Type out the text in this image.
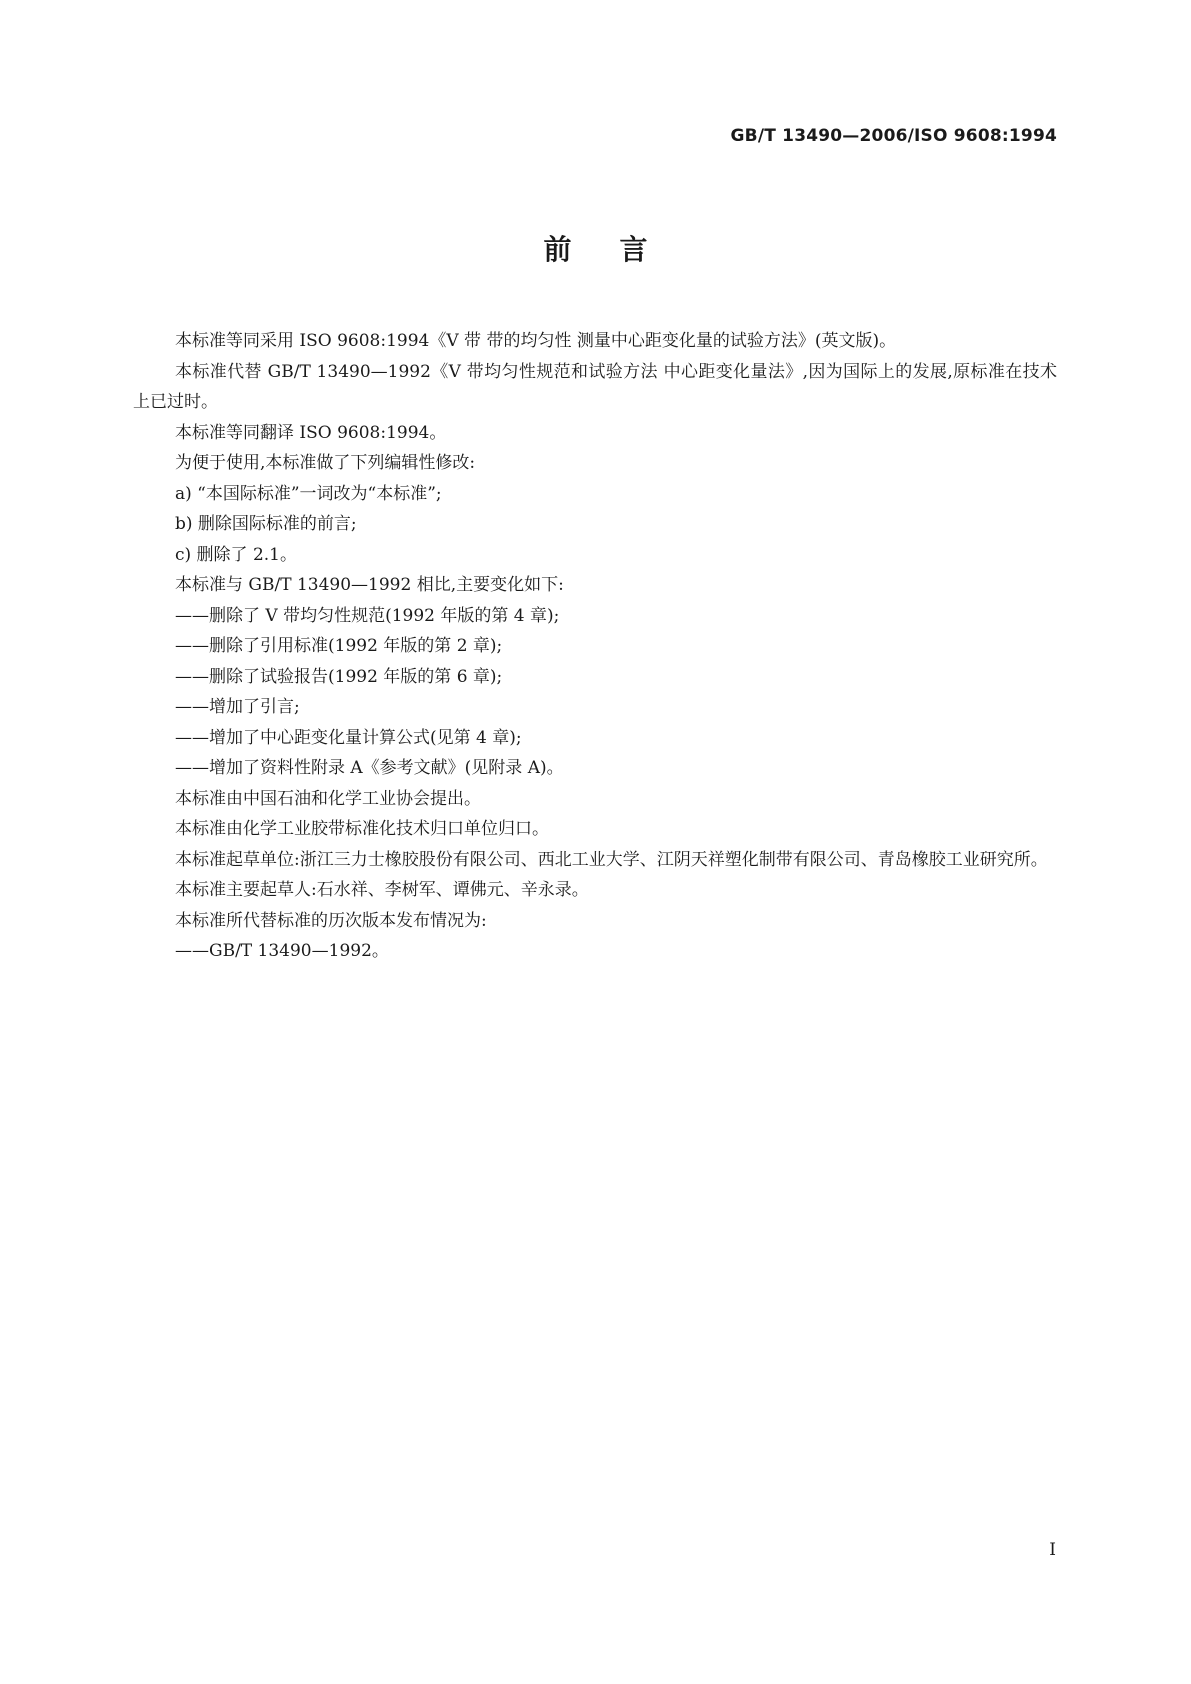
GB/T 13490—2006/ISO 9608:1994
前言

本标准等同采用 ISO 9608:1994《V 带 带的均匀性 测量中心距变化量的试验方法》(英文版)。

本标准代替 GB/T 13490—1992《V 带均匀性规范和试验方法 中心距变化量法》,因为国际上的发展,原标准在技术上已过时。

本标准等同翻译 ISO 9608:1994。

为便于使用,本标准做了下列编辑性修改:

a) “本国际标准”一词改为“本标准”;

b) 删除国际标准的前言;

c) 删除了 2.1。

本标准与 GB/T 13490—1992 相比,主要变化如下:

——删除了 V 带均匀性规范(1992 年版的第 4 章);

——删除了引用标准(1992 年版的第 2 章);

——删除了试验报告(1992 年版的第 6 章);

——增加了引言;

——增加了中心距变化量计算公式(见第 4 章);

——增加了资料性附录 A《参考文献》(见附录 A)。

本标准由中国石油和化学工业协会提出。

本标准由化学工业胶带标准化技术归口单位归口。

本标准起草单位:浙江三力士橡胶股份有限公司、西北工业大学、江阴天祥塑化制带有限公司、青岛橡胶工业研究所。

本标准主要起草人:石水祥、李树军、谭佛元、辛永录。

本标准所代替标准的历次版本发布情况为:

——GB/T 13490—1992。

I
